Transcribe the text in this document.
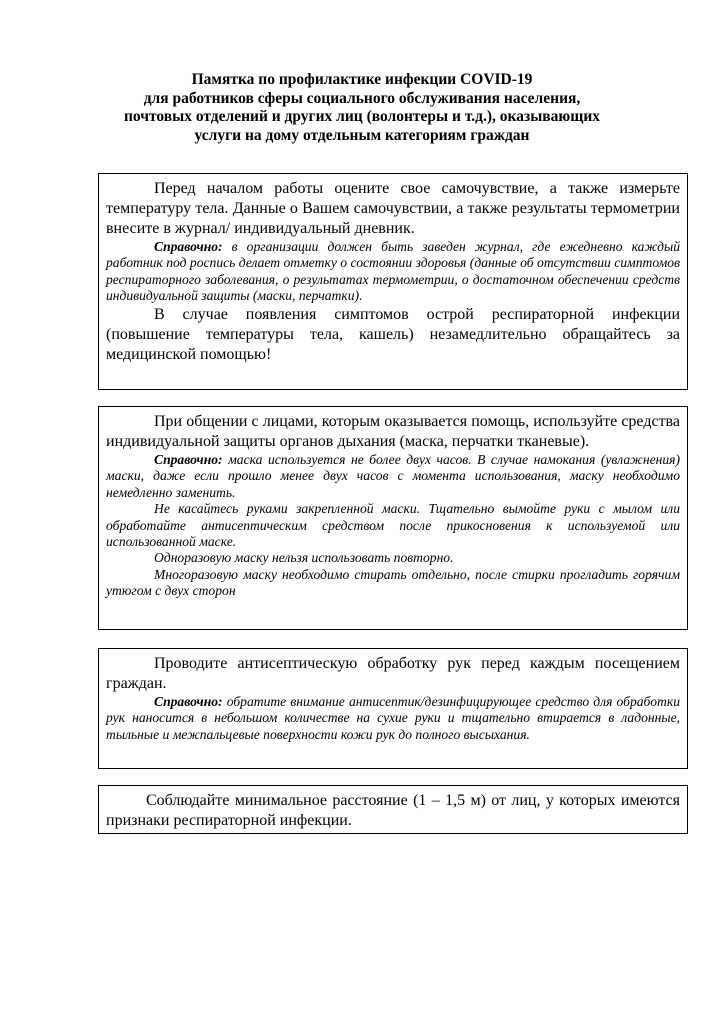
Памятка по профилактике инфекции COVID-19
для работников сферы социального обслуживания населения,
почтовых отделений и других лиц (волонтеры и т.д.), оказывающих
услуги на дому отдельным категориям граждан

Перед началом работы оцените свое самочувствие, а также измерьте температуру тела. Данные о Вашем самочувствии, а также результаты термометрии внесите в журнал/ индивидуальный дневник.

Справочно: в организации должен быть заведен журнал, где ежедневно каждый работник под роспись делает отметку о состоянии здоровья (данные об отсутствии симптомов респираторного заболевания, о результатах термометрии, о достаточном обеспечении средств индивидуальной защиты (маски, перчатки).

В случае появления симптомов острой респираторной инфекции (повышение температуры тела, кашель) незамедлительно обращайтесь за медицинской помощью!

При общении с лицами, которым оказывается помощь, используйте средства индивидуальной защиты органов дыхания (маска, перчатки тканевые).

Справочно: маска используется не более двух часов. В случае намокания (увлажнения) маски, даже если прошло менее двух часов с момента использования, маску необходимо немедленно заменить.

Не касайтесь руками закрепленной маски. Тщательно вымойте руки с мылом или обработайте антисептическим средством после прикосновения к используемой или использованной маске.

Одноразовую маску нельзя использовать повторно.

Многоразовую маску необходимо стирать отдельно, после стирки прогладить горячим утюгом с двух сторон

Проводите антисептическую обработку рук перед каждым посещением граждан.

Справочно: обратите внимание антисептик/дезинфицирующее средство для обработки рук наносится в небольшом количестве на сухие руки и тщательно втирается в ладонные, тыльные и межпальцевые поверхности кожи рук до полного высыхания.

Соблюдайте минимальное расстояние (1 – 1,5 м) от лиц, у которых имеются признаки респираторной инфекции.
